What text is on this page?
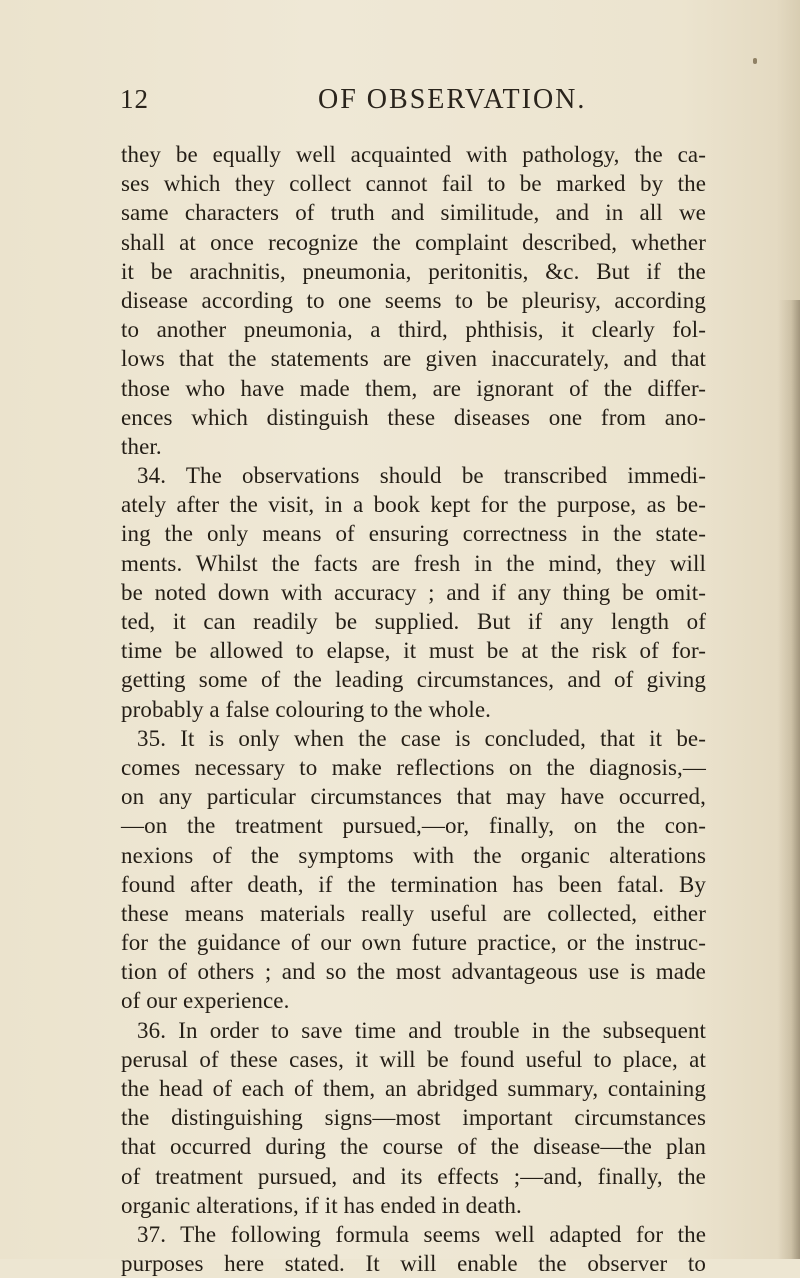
12	OF OBSERVATION.
they be equally well acquainted with pathology, the ca-
ses which they collect cannot fail to be marked by the
same characters of truth and similitude, and in all we
shall at once recognize the complaint described, whether
it be arachnitis, pneumonia, peritonitis, &c. But if the
disease according to one seems to be pleurisy, according
to another pneumonia, a third, phthisis, it clearly fol-
lows that the statements are given inaccurately, and that
those who have made them, are ignorant of the differ-
ences which distinguish these diseases one from ano-
ther.
34. The observations should be transcribed immedi-
ately after the visit, in a book kept for the purpose, as be-
ing the only means of ensuring correctness in the state-
ments. Whilst the facts are fresh in the mind, they will
be noted down with accuracy ; and if any thing be omit-
ted, it can readily be supplied. But if any length of
time be allowed to elapse, it must be at the risk of for-
getting some of the leading circumstances, and of giving
probably a false colouring to the whole.
35. It is only when the case is concluded, that it be-
comes necessary to make reflections on the diagnosis,—
on any particular circumstances that may have occurred,
—on the treatment pursued,—or, finally, on the con-
nexions of the symptoms with the organic alterations
found after death, if the termination has been fatal. By
these means materials really useful are collected, either
for the guidance of our own future practice, or the instruc-
tion of others ; and so the most advantageous use is made
of our experience.
36. In order to save time and trouble in the subsequent
perusal of these cases, it will be found useful to place, at
the head of each of them, an abridged summary, containing
the distinguishing signs—most important circumstances
that occurred during the course of the disease—the plan
of treatment pursued, and its effects ;—and, finally, the
organic alterations, if it has ended in death.
37. The following formula seems well adapted for the
purposes here stated. It will enable the observer to
